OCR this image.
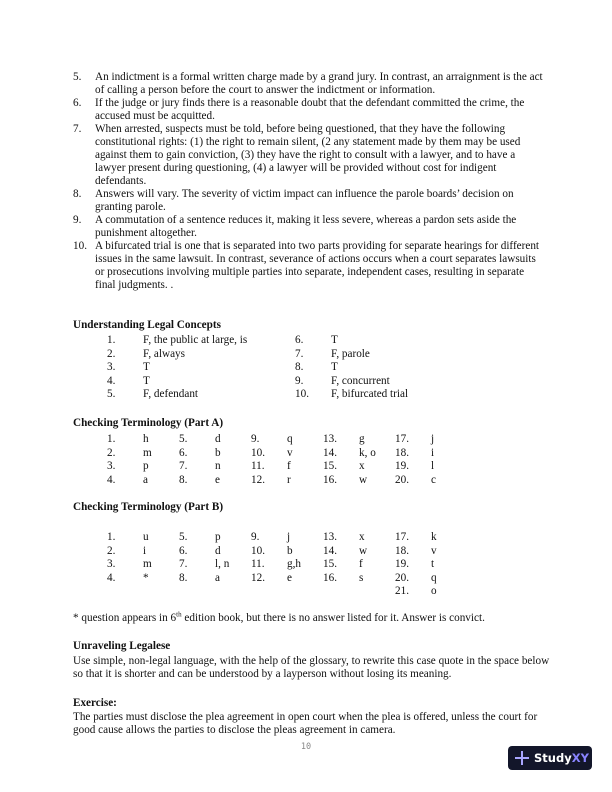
5.	An indictment is a formal written charge made by a grand jury. In contrast, an arraignment is the act of calling a person before the court to answer the indictment or information.
6.	If the judge or jury finds there is a reasonable doubt that the defendant committed the crime, the accused must be acquitted.
7.	When arrested, suspects must be told, before being questioned, that they have the following constitutional rights: (1) the right to remain silent, (2 any statement made by them may be used against them to gain conviction, (3) they have the right to consult with a lawyer, and to have a lawyer present during questioning, (4) a lawyer will be provided without cost for indigent defendants.
8.	Answers will vary. The severity of victim impact can influence the parole boards’ decision on granting parole.
9.	A commutation of a sentence reduces it, making it less severe, whereas a pardon sets aside the punishment altogether.
10. A bifurcated trial is one that is separated into two parts providing for separate hearings for different issues in the same lawsuit. In contrast, severance of actions occurs when a court separates lawsuits or prosecutions involving multiple parties into separate, independent cases, resulting in separate final judgments. .
Understanding Legal Concepts
1.	F, the public at large, is	6.	T
2.	F, always	7.	F, parole
3.	T	8.	T
4.	T	9.	F, concurrent
5.	F, defendant	10.	F, bifurcated trial
Checking Terminology (Part A)
1.	h	5.	d	9.	q	13.	g	17.	j
2.	m	6.	b	10.	v	14.	k, o	18.	i
3.	p	7.	n	11.	f	15.	x	19.	l
4.	a	8.	e	12.	r	16.	w	20.	c
Checking Terminology (Part B)
1.	u	5.	p	9.	j	13.	x	17.	k
2.	i	6.	d	10.	b	14.	w	18.	v
3.	m	7.	l, n	11.	g,h	15.	f	19.	t
4.	*	8.	a	12.	e	16.	s	20.	q
21.	o
* question appears in 6th edition book, but there is no answer listed for it. Answer is convict.
Unraveling Legalese
Use simple, non-legal language, with the help of the glossary, to rewrite this case quote in the space below so that it is shorter and can be understood by a layperson without losing its meaning.
Exercise:
The parties must disclose the plea agreement in open court when the plea is offered, unless the court for good cause allows the parties to disclose the pleas agreement in camera.
10
StudyXY
